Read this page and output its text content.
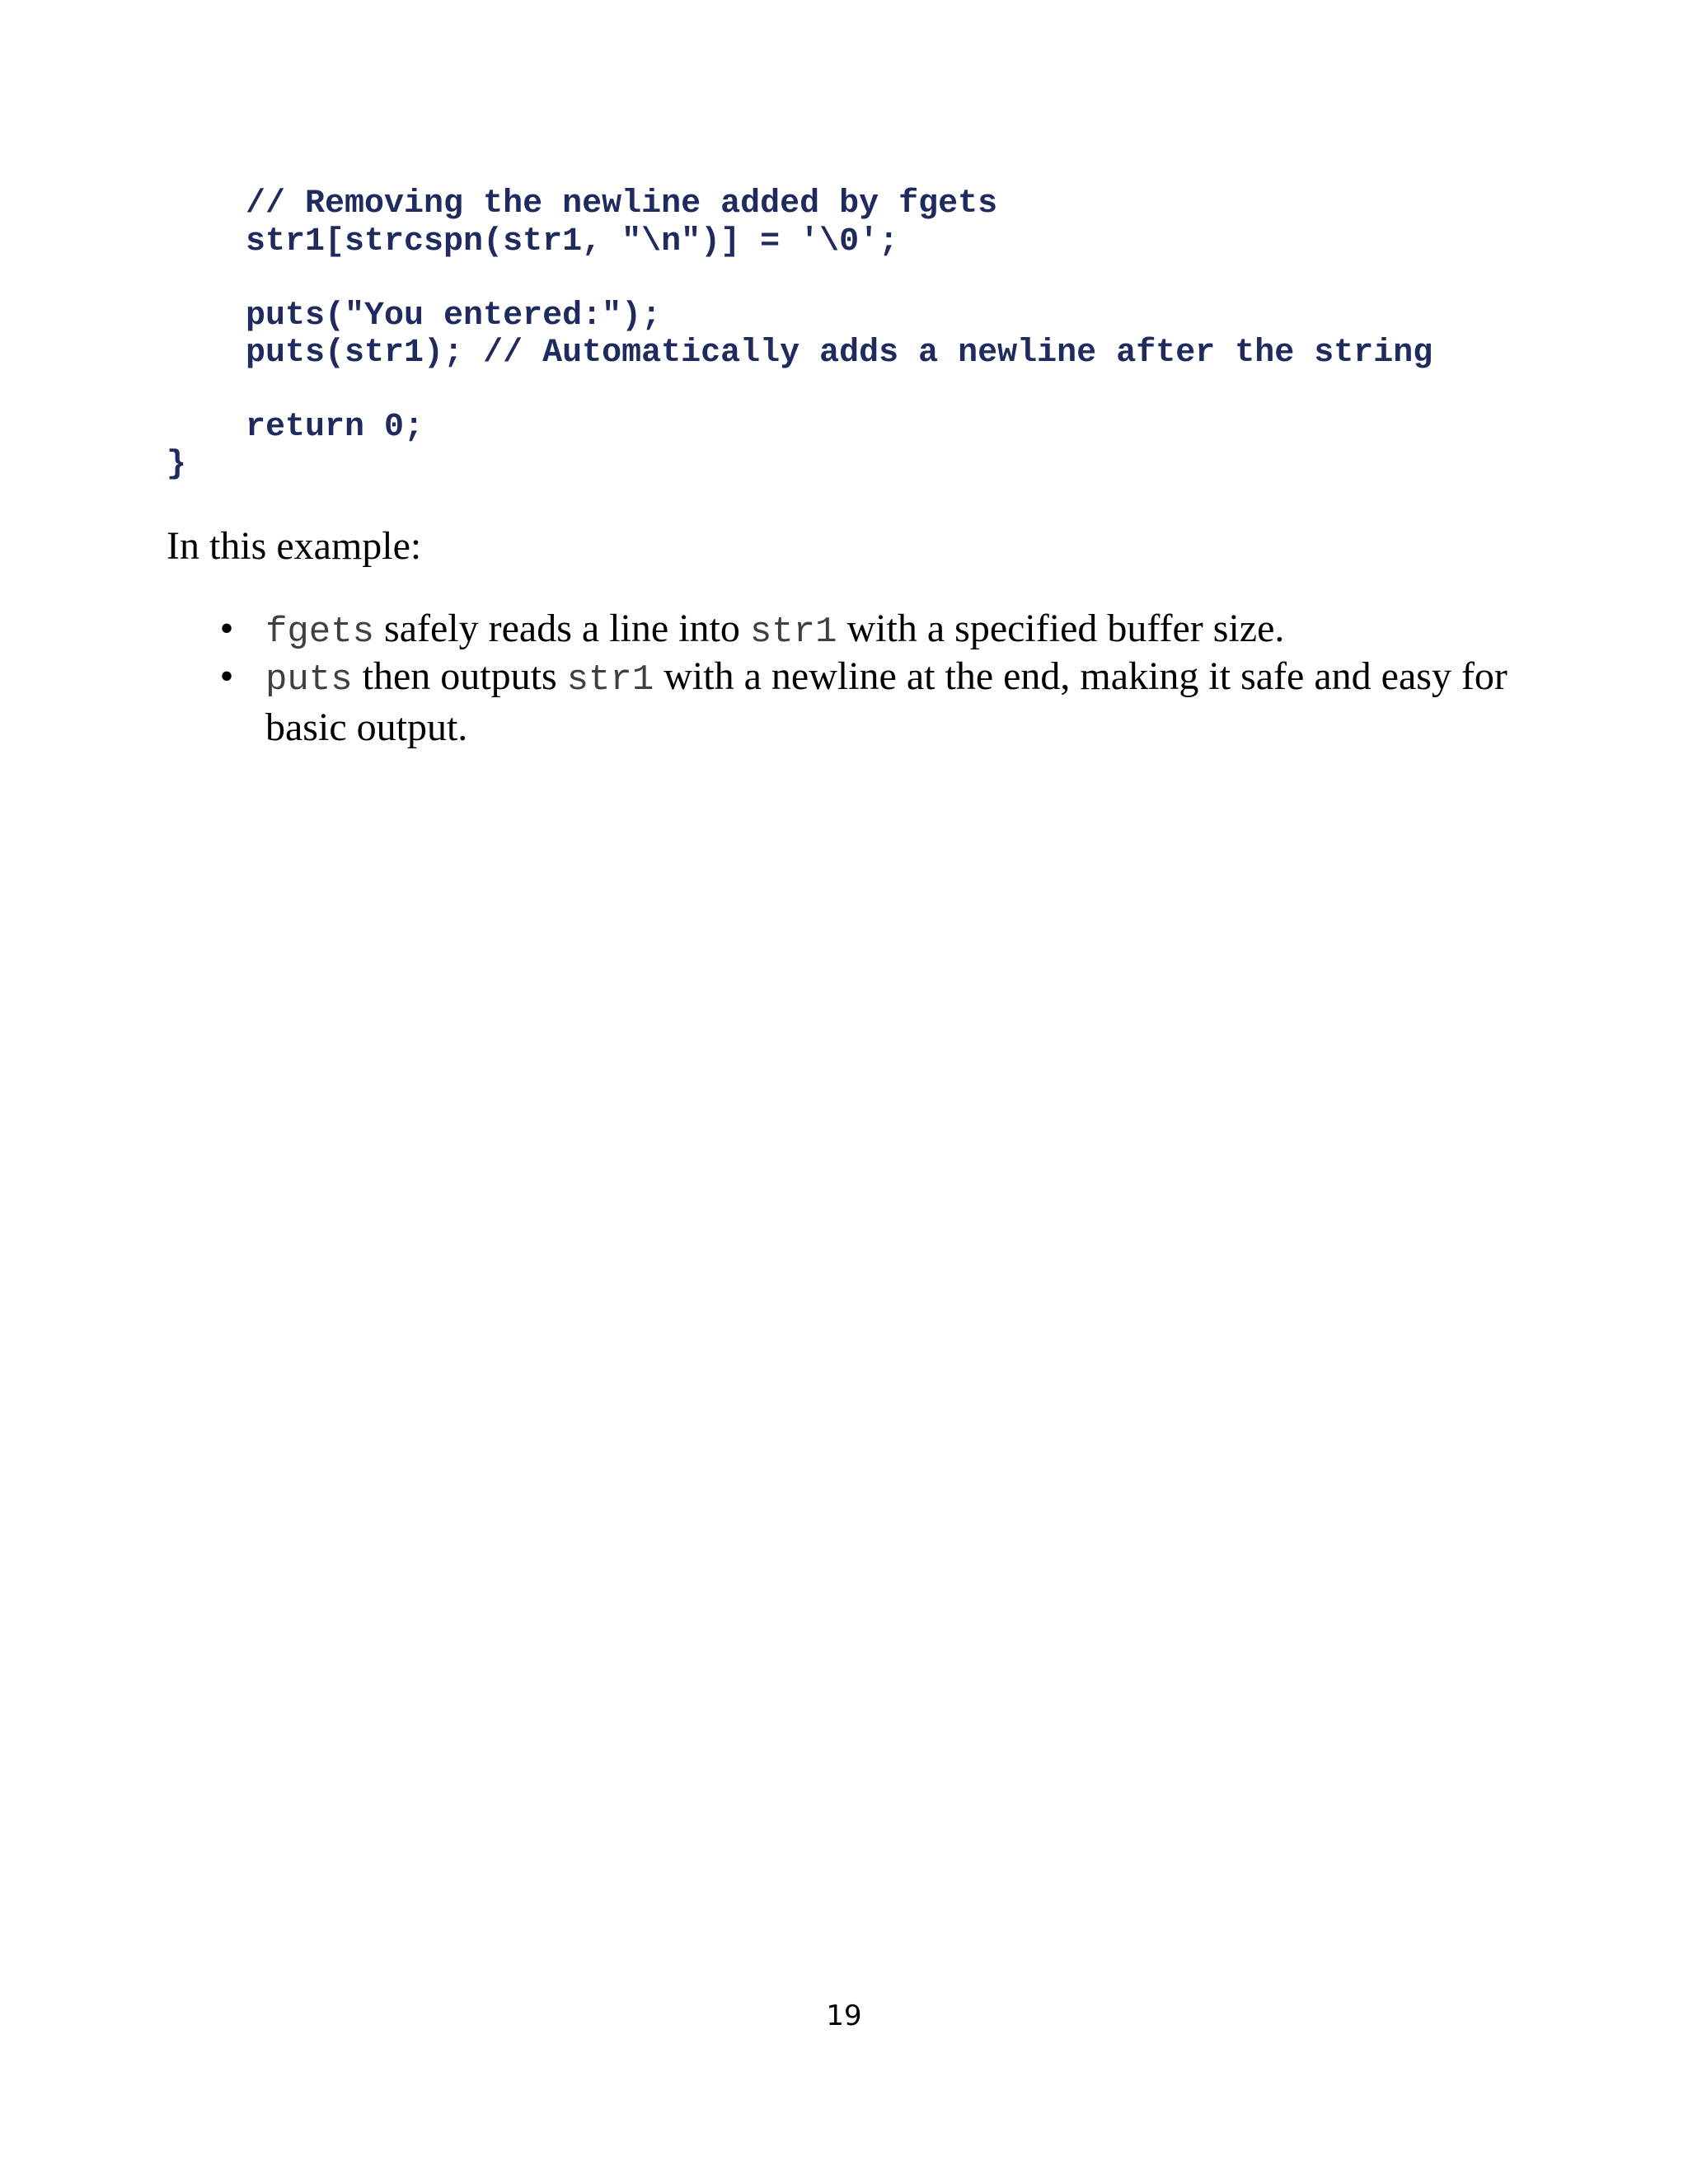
// Removing the newline added by fgets

str1[strcspn(str1, "\n")] = '\0';

puts("You entered:");

puts(str1); // Automatically adds a newline after the string

return 0;

}

In this example:

• fgets safely reads a line into str1 with a specified buffer size.
• puts then outputs str1 with a newline at the end, making it safe and easy for basic output.

19
